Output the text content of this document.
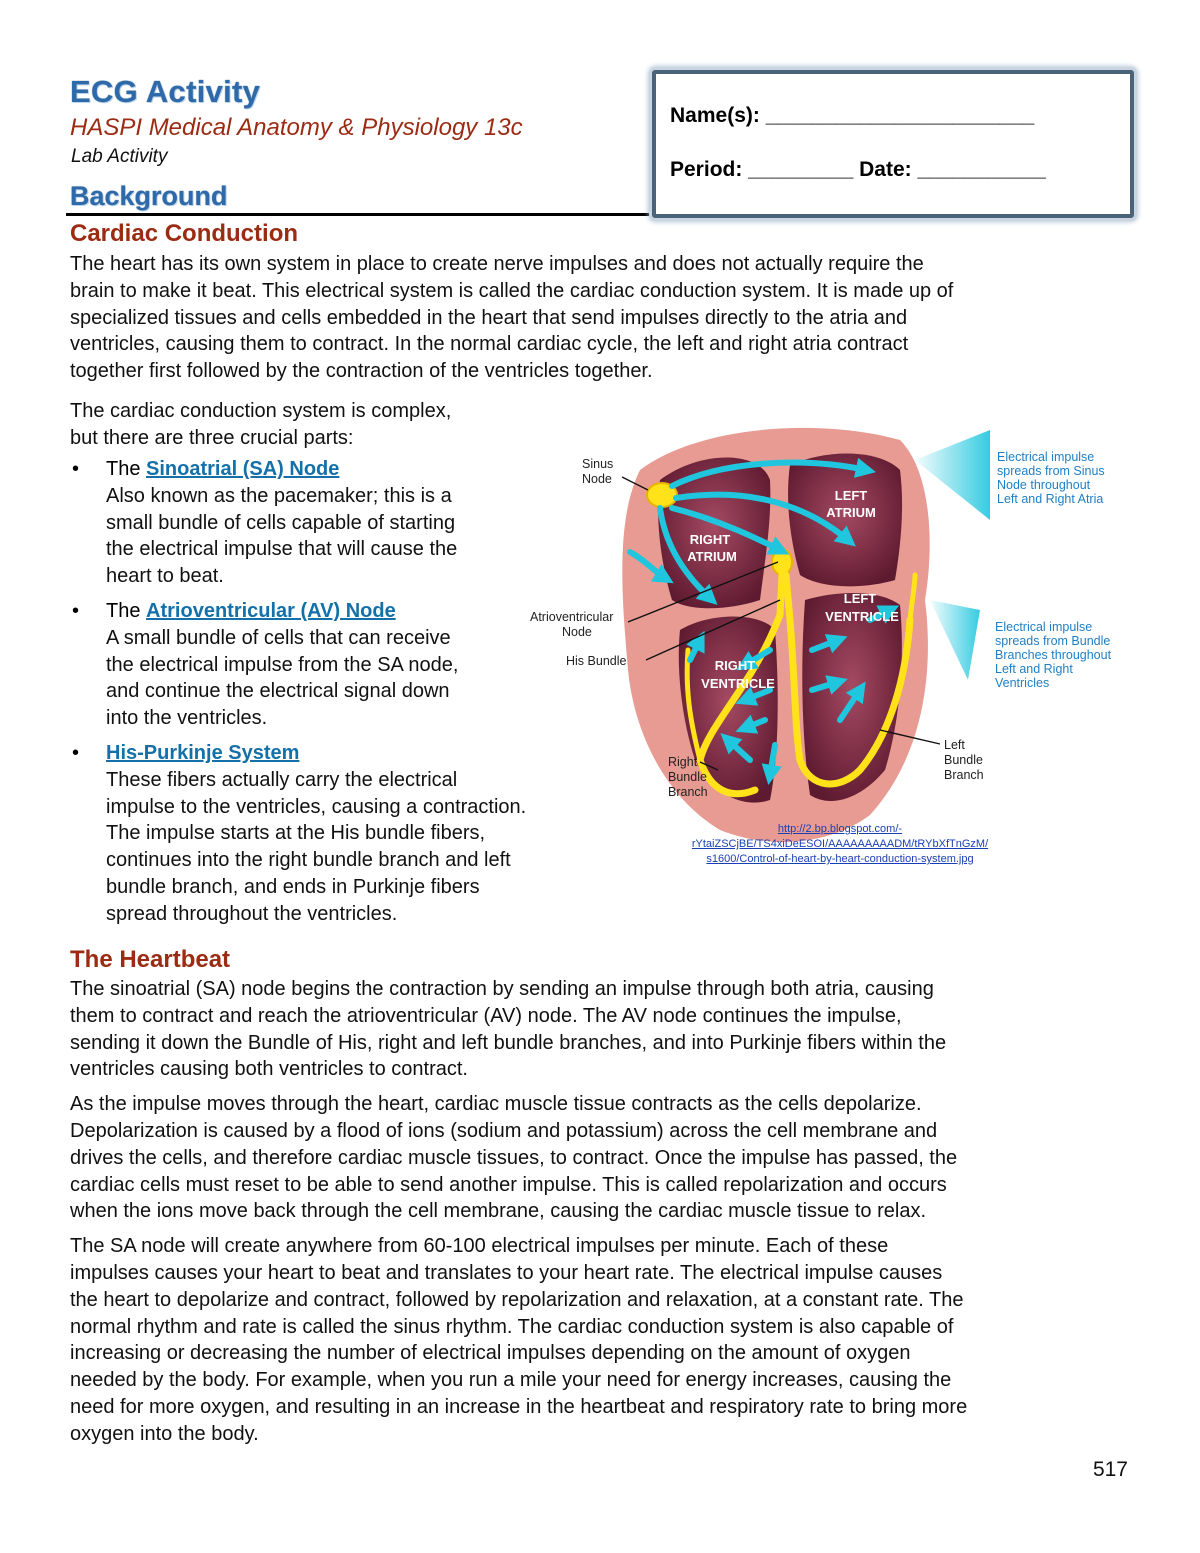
ECG Activity
HASPI Medical Anatomy & Physiology 13c
Lab Activity
Background
Name(s): _______________________
Period: _________ Date: ___________
Cardiac Conduction
The heart has its own system in place to create nerve impulses and does not actually require the
brain to make it beat. This electrical system is called the cardiac conduction system. It is made up of
specialized tissues and cells embedded in the heart that send impulses directly to the atria and
ventricles, causing them to contract. In the normal cardiac cycle, the left and right atria contract
together first followed by the contraction of the ventricles together.
The cardiac conduction system is complex,
but there are three crucial parts:
• The Sinoatrial (SA) Node
Also known as the pacemaker; this is a
small bundle of cells capable of starting
the electrical impulse that will cause the
heart to beat.
• The Atrioventricular (AV) Node
A small bundle of cells that can receive
the electrical impulse from the SA node,
and continue the electrical signal down
into the ventricles.
• His-Purkinje System
These fibers actually carry the electrical
impulse to the ventricles, causing a contraction.
The impulse starts at the His bundle fibers,
continues into the right bundle branch and left
bundle branch, and ends in Purkinje fibers
spread throughout the ventricles.
LEFT
ATRIUM
RIGHT
ATRIUM
LEFT
VENTRICLE
RIGHT
VENTRICLE
Sinus
Node
Atrioventricular
Node
His Bundle
Right
Bundle
Branch
Left
Bundle
Branch
Electrical impulse
spreads from Sinus
Node throughout
Left and Right Atria
Electrical impulse
spreads from Bundle
Branches throughout
Left and Right
Ventricles
http://2.bp.blogspot.com/-
rYtaiZSCjBE/TS4xiDeESOI/AAAAAAAAADM/tRYbXfTnGzM/
s1600/Control-of-heart-by-heart-conduction-system.jpg
The Heartbeat
The sinoatrial (SA) node begins the contraction by sending an impulse through both atria, causing
them to contract and reach the atrioventricular (AV) node. The AV node continues the impulse,
sending it down the Bundle of His, right and left bundle branches, and into Purkinje fibers within the
ventricles causing both ventricles to contract.
As the impulse moves through the heart, cardiac muscle tissue contracts as the cells depolarize.
Depolarization is caused by a flood of ions (sodium and potassium) across the cell membrane and
drives the cells, and therefore cardiac muscle tissues, to contract. Once the impulse has passed, the
cardiac cells must reset to be able to send another impulse. This is called repolarization and occurs
when the ions move back through the cell membrane, causing the cardiac muscle tissue to relax.
The SA node will create anywhere from 60-100 electrical impulses per minute. Each of these
impulses causes your heart to beat and translates to your heart rate. The electrical impulse causes
the heart to depolarize and contract, followed by repolarization and relaxation, at a constant rate. The
normal rhythm and rate is called the sinus rhythm. The cardiac conduction system is also capable of
increasing or decreasing the number of electrical impulses depending on the amount of oxygen
needed by the body. For example, when you run a mile your need for energy increases, causing the
need for more oxygen, and resulting in an increase in the heartbeat and respiratory rate to bring more
oxygen into the body.
517
